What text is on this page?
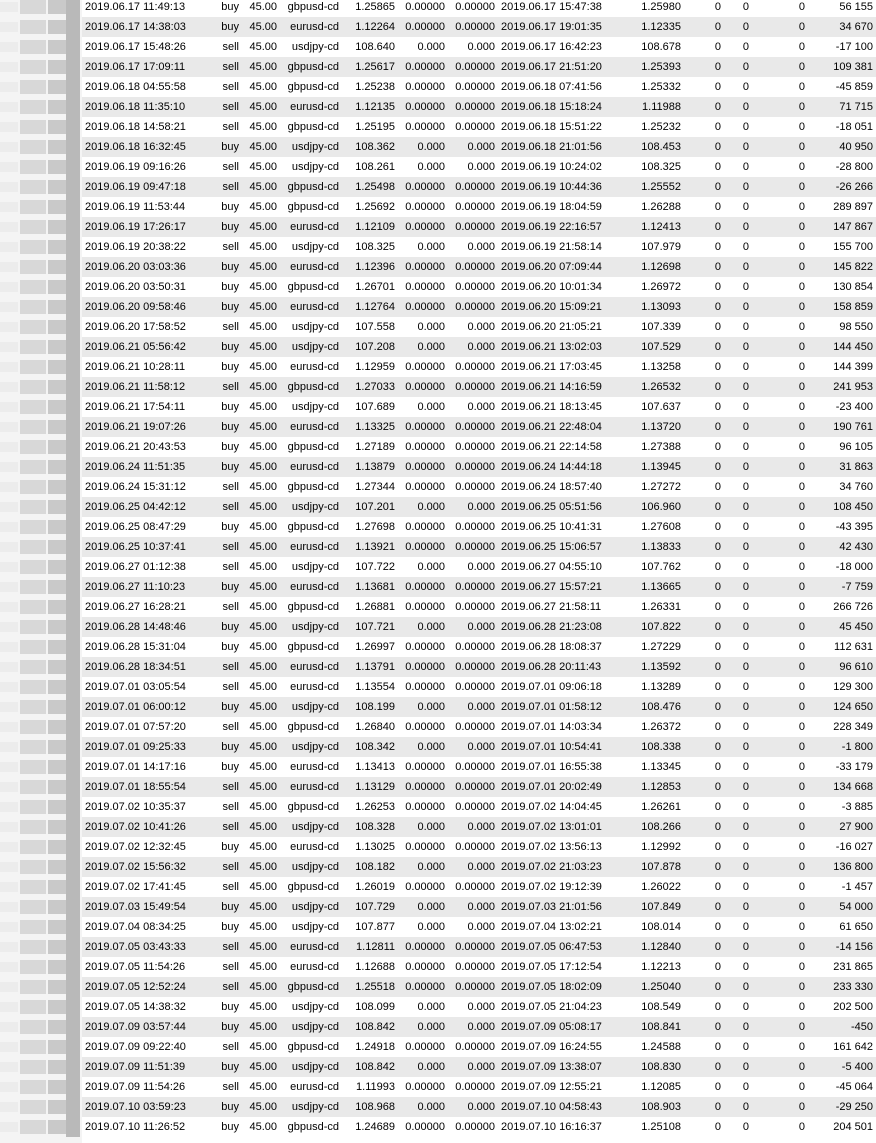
2019.06.17 11:49:13	buy	45.00	gbpusd-cd	1.25865	0.00000	0.00000	2019.06.17 15:47:38	1.25980	0	0	0	56 155
2019.06.17 14:38:03	buy	45.00	eurusd-cd	1.12264	0.00000	0.00000	2019.06.17 19:01:35	1.12335	0	0	0	34 670
2019.06.17 15:48:26	sell	45.00	usdjpy-cd	108.640	0.000	0.000	2019.06.17 16:42:23	108.678	0	0	0	-17 100
2019.06.17 17:09:11	sell	45.00	gbpusd-cd	1.25617	0.00000	0.00000	2019.06.17 21:51:20	1.25393	0	0	0	109 381
2019.06.18 04:55:58	sell	45.00	gbpusd-cd	1.25238	0.00000	0.00000	2019.06.18 07:41:56	1.25332	0	0	0	-45 859
2019.06.18 11:35:10	sell	45.00	eurusd-cd	1.12135	0.00000	0.00000	2019.06.18 15:18:24	1.11988	0	0	0	71 715
2019.06.18 14:58:21	sell	45.00	gbpusd-cd	1.25195	0.00000	0.00000	2019.06.18 15:51:22	1.25232	0	0	0	-18 051
2019.06.18 16:32:45	buy	45.00	usdjpy-cd	108.362	0.000	0.000	2019.06.18 21:01:56	108.453	0	0	0	40 950
2019.06.19 09:16:26	sell	45.00	usdjpy-cd	108.261	0.000	0.000	2019.06.19 10:24:02	108.325	0	0	0	-28 800
2019.06.19 09:47:18	sell	45.00	gbpusd-cd	1.25498	0.00000	0.00000	2019.06.19 10:44:36	1.25552	0	0	0	-26 266
2019.06.19 11:53:44	buy	45.00	gbpusd-cd	1.25692	0.00000	0.00000	2019.06.19 18:04:59	1.26288	0	0	0	289 897
2019.06.19 17:26:17	buy	45.00	eurusd-cd	1.12109	0.00000	0.00000	2019.06.19 22:16:57	1.12413	0	0	0	147 867
2019.06.19 20:38:22	sell	45.00	usdjpy-cd	108.325	0.000	0.000	2019.06.19 21:58:14	107.979	0	0	0	155 700
2019.06.20 03:03:36	buy	45.00	eurusd-cd	1.12396	0.00000	0.00000	2019.06.20 07:09:44	1.12698	0	0	0	145 822
2019.06.20 03:50:31	buy	45.00	gbpusd-cd	1.26701	0.00000	0.00000	2019.06.20 10:01:34	1.26972	0	0	0	130 854
2019.06.20 09:58:46	buy	45.00	eurusd-cd	1.12764	0.00000	0.00000	2019.06.20 15:09:21	1.13093	0	0	0	158 859
2019.06.20 17:58:52	sell	45.00	usdjpy-cd	107.558	0.000	0.000	2019.06.20 21:05:21	107.339	0	0	0	98 550
2019.06.21 05:56:42	buy	45.00	usdjpy-cd	107.208	0.000	0.000	2019.06.21 13:02:03	107.529	0	0	0	144 450
2019.06.21 10:28:11	buy	45.00	eurusd-cd	1.12959	0.00000	0.00000	2019.06.21 17:03:45	1.13258	0	0	0	144 399
2019.06.21 11:58:12	sell	45.00	gbpusd-cd	1.27033	0.00000	0.00000	2019.06.21 14:16:59	1.26532	0	0	0	241 953
2019.06.21 17:54:11	buy	45.00	usdjpy-cd	107.689	0.000	0.000	2019.06.21 18:13:45	107.637	0	0	0	-23 400
2019.06.21 19:07:26	buy	45.00	eurusd-cd	1.13325	0.00000	0.00000	2019.06.21 22:48:04	1.13720	0	0	0	190 761
2019.06.21 20:43:53	buy	45.00	gbpusd-cd	1.27189	0.00000	0.00000	2019.06.21 22:14:58	1.27388	0	0	0	96 105
2019.06.24 11:51:35	buy	45.00	eurusd-cd	1.13879	0.00000	0.00000	2019.06.24 14:44:18	1.13945	0	0	0	31 863
2019.06.24 15:31:12	sell	45.00	gbpusd-cd	1.27344	0.00000	0.00000	2019.06.24 18:57:40	1.27272	0	0	0	34 760
2019.06.25 04:42:12	sell	45.00	usdjpy-cd	107.201	0.000	0.000	2019.06.25 05:51:56	106.960	0	0	0	108 450
2019.06.25 08:47:29	buy	45.00	gbpusd-cd	1.27698	0.00000	0.00000	2019.06.25 10:41:31	1.27608	0	0	0	-43 395
2019.06.25 10:37:41	sell	45.00	eurusd-cd	1.13921	0.00000	0.00000	2019.06.25 15:06:57	1.13833	0	0	0	42 430
2019.06.27 01:12:38	sell	45.00	usdjpy-cd	107.722	0.000	0.000	2019.06.27 04:55:10	107.762	0	0	0	-18 000
2019.06.27 11:10:23	buy	45.00	eurusd-cd	1.13681	0.00000	0.00000	2019.06.27 15:57:21	1.13665	0	0	0	-7 759
2019.06.27 16:28:21	sell	45.00	gbpusd-cd	1.26881	0.00000	0.00000	2019.06.27 21:58:11	1.26331	0	0	0	266 726
2019.06.28 14:48:46	buy	45.00	usdjpy-cd	107.721	0.000	0.000	2019.06.28 21:23:08	107.822	0	0	0	45 450
2019.06.28 15:31:04	buy	45.00	gbpusd-cd	1.26997	0.00000	0.00000	2019.06.28 18:08:37	1.27229	0	0	0	112 631
2019.06.28 18:34:51	sell	45.00	eurusd-cd	1.13791	0.00000	0.00000	2019.06.28 20:11:43	1.13592	0	0	0	96 610
2019.07.01 03:05:54	sell	45.00	eurusd-cd	1.13554	0.00000	0.00000	2019.07.01 09:06:18	1.13289	0	0	0	129 300
2019.07.01 06:00:12	buy	45.00	usdjpy-cd	108.199	0.000	0.000	2019.07.01 01:58:12	108.476	0	0	0	124 650
2019.07.01 07:57:20	sell	45.00	gbpusd-cd	1.26840	0.00000	0.00000	2019.07.01 14:03:34	1.26372	0	0	0	228 349
2019.07.01 09:25:33	buy	45.00	usdjpy-cd	108.342	0.000	0.000	2019.07.01 10:54:41	108.338	0	0	0	-1 800
2019.07.01 14:17:16	buy	45.00	eurusd-cd	1.13413	0.00000	0.00000	2019.07.01 16:55:38	1.13345	0	0	0	-33 179
2019.07.01 18:55:54	sell	45.00	eurusd-cd	1.13129	0.00000	0.00000	2019.07.01 20:02:49	1.12853	0	0	0	134 668
2019.07.02 10:35:37	sell	45.00	gbpusd-cd	1.26253	0.00000	0.00000	2019.07.02 14:04:45	1.26261	0	0	0	-3 885
2019.07.02 10:41:26	sell	45.00	usdjpy-cd	108.328	0.000	0.000	2019.07.02 13:01:01	108.266	0	0	0	27 900
2019.07.02 12:32:45	buy	45.00	eurusd-cd	1.13025	0.00000	0.00000	2019.07.02 13:56:13	1.12992	0	0	0	-16 027
2019.07.02 15:56:32	sell	45.00	usdjpy-cd	108.182	0.000	0.000	2019.07.02 21:03:23	107.878	0	0	0	136 800
2019.07.02 17:41:45	sell	45.00	gbpusd-cd	1.26019	0.00000	0.00000	2019.07.02 19:12:39	1.26022	0	0	0	-1 457
2019.07.03 15:49:54	buy	45.00	usdjpy-cd	107.729	0.000	0.000	2019.07.03 21:01:56	107.849	0	0	0	54 000
2019.07.04 08:34:25	buy	45.00	usdjpy-cd	107.877	0.000	0.000	2019.07.04 13:02:21	108.014	0	0	0	61 650
2019.07.05 03:43:33	sell	45.00	eurusd-cd	1.12811	0.00000	0.00000	2019.07.05 06:47:53	1.12840	0	0	0	-14 156
2019.07.05 11:54:26	sell	45.00	eurusd-cd	1.12688	0.00000	0.00000	2019.07.05 17:12:54	1.12213	0	0	0	231 865
2019.07.05 12:52:24	sell	45.00	gbpusd-cd	1.25518	0.00000	0.00000	2019.07.05 18:02:09	1.25040	0	0	0	233 330
2019.07.05 14:38:32	buy	45.00	usdjpy-cd	108.099	0.000	0.000	2019.07.05 21:04:23	108.549	0	0	0	202 500
2019.07.09 03:57:44	buy	45.00	usdjpy-cd	108.842	0.000	0.000	2019.07.09 05:08:17	108.841	0	0	0	-450
2019.07.09 09:22:40	sell	45.00	gbpusd-cd	1.24918	0.00000	0.00000	2019.07.09 16:24:55	1.24588	0	0	0	161 642
2019.07.09 11:51:39	buy	45.00	usdjpy-cd	108.842	0.000	0.000	2019.07.09 13:38:07	108.830	0	0	0	-5 400
2019.07.09 11:54:26	sell	45.00	eurusd-cd	1.11993	0.00000	0.00000	2019.07.09 12:55:21	1.12085	0	0	0	-45 064
2019.07.10 03:59:23	buy	45.00	usdjpy-cd	108.968	0.000	0.000	2019.07.10 04:58:43	108.903	0	0	0	-29 250
2019.07.10 11:26:52	buy	45.00	gbpusd-cd	1.24689	0.00000	0.00000	2019.07.10 16:16:37	1.25108	0	0	0	204 501
